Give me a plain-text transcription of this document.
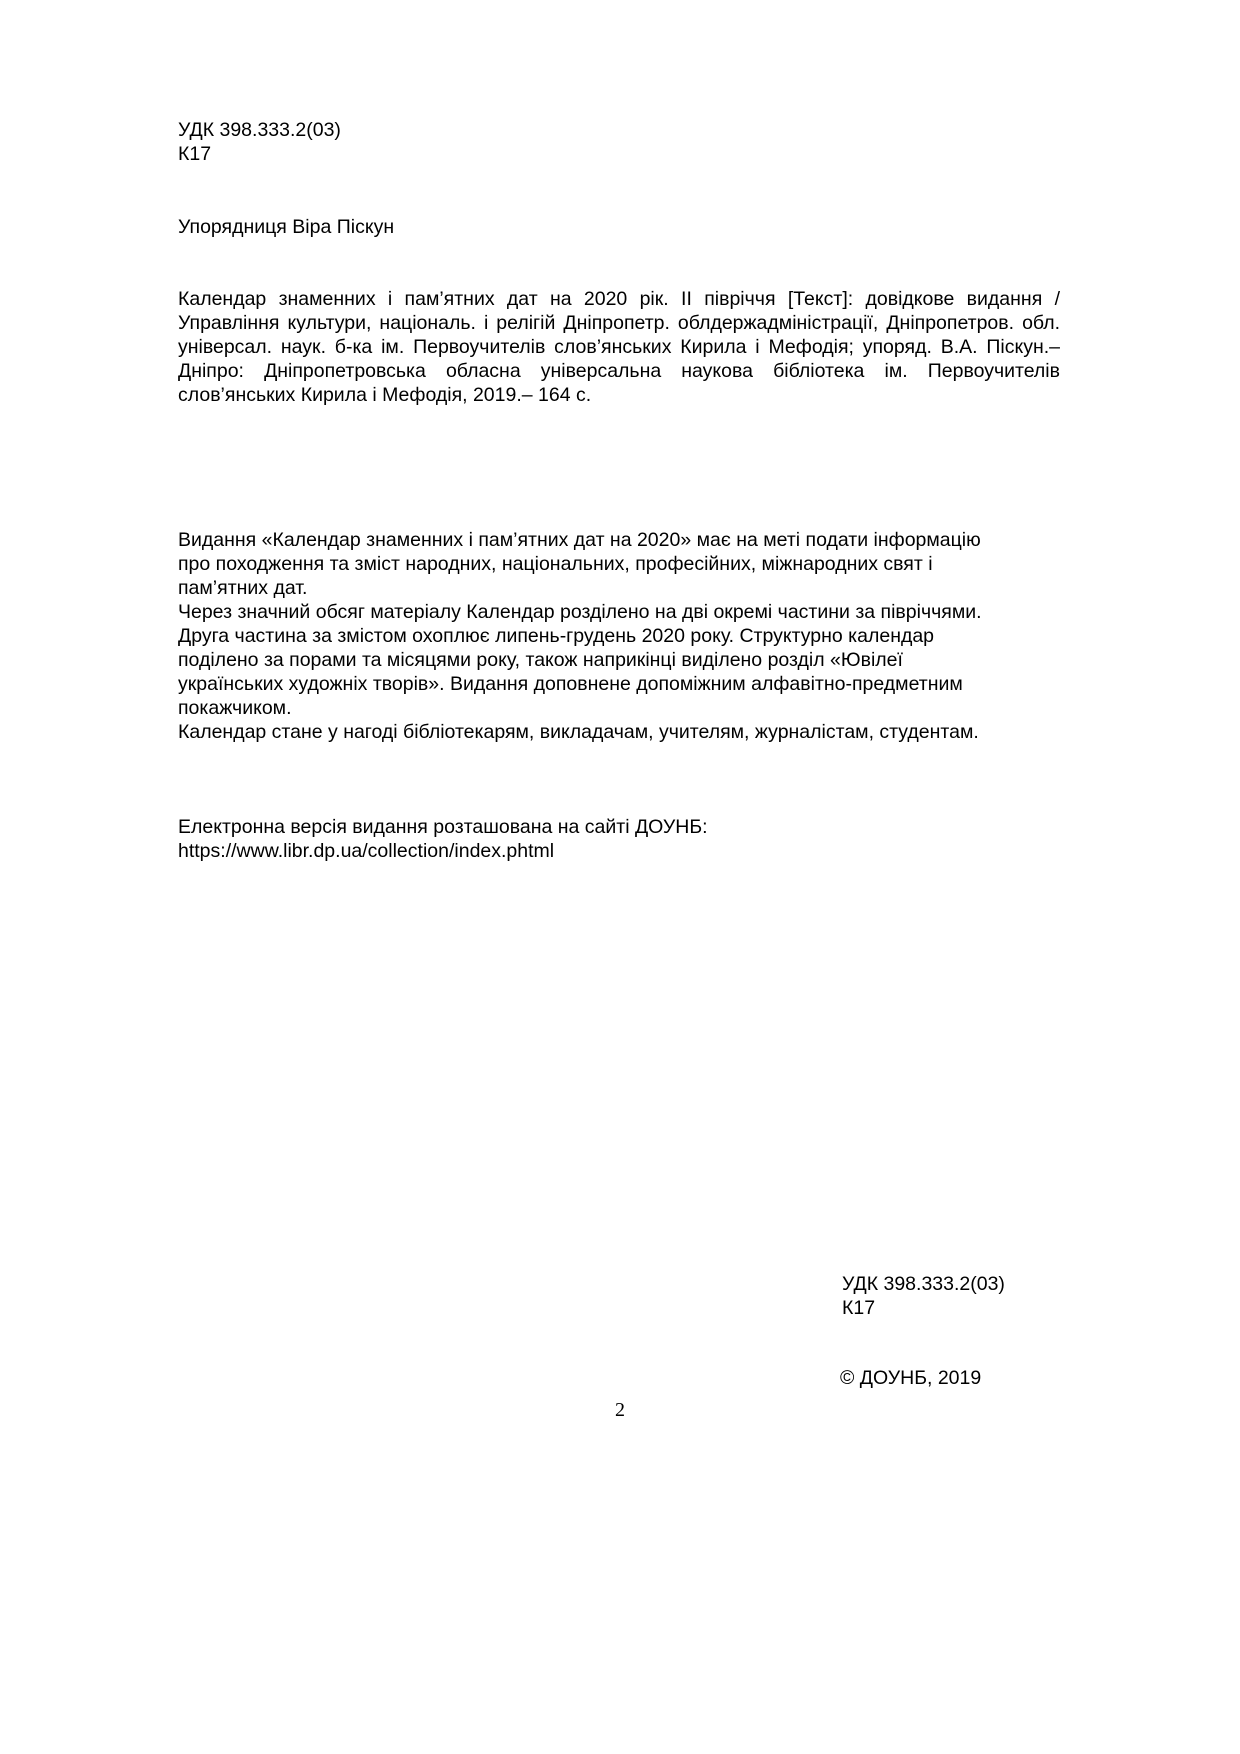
УДК 398.333.2(03)
К17
Упорядниця Віра Піскун

Календар знаменних і пам’ятних дат на 2020 рік. ІІ півріччя [Текст]: довідкове видання / Управління культури, національ. і релігій Дніпропетр. облдержадміністрації, Дніпропетров. обл. універсал. наук. б-ка ім. Первоучителів слов’янських Кирила і Мефодія; упоряд. В.А. Піскун.– Дніпро: Дніпропетровська обласна універсальна наукова бібліотека ім. Первоучителів слов’янських Кирила і Мефодія, 2019.– 164 с.

Видання «Календар знаменних і пам’ятних дат на 2020» має на меті подати інформацію
про походження та зміст народних, національних, професійних, міжнародних свят і
пам’ятних дат.

Через значний обсяг матеріалу Календар розділено на дві окремі частини за півріччями.

Друга частина за змістом охоплює липень-грудень 2020 року. Структурно календар
поділено за порами та місяцями року, також наприкінці виділено розділ «Ювілеї
українських художніх творів». Видання доповнене допоміжним алфавітно-предметним
покажчиком.

Календар стане у нагоді бібліотекарям, викладачам, учителям, журналістам, студентам.

Електронна версія видання розташована на сайті ДОУНБ:
https://www.libr.dp.ua/collection/index.phtml
УДК 398.333.2(03)
К17
© ДОУНБ, 2019
2
